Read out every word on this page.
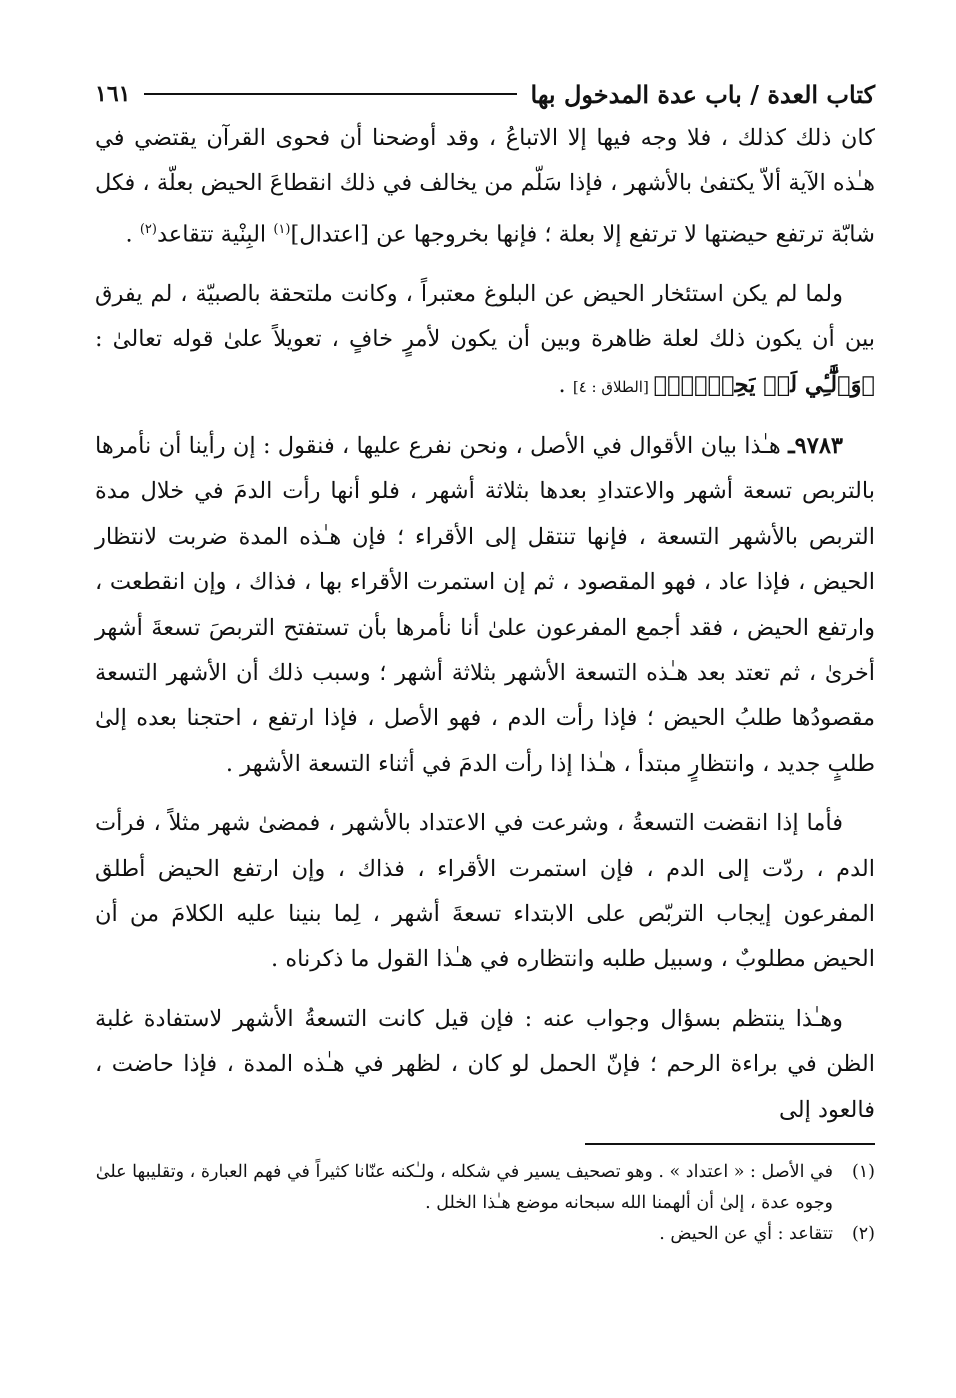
كتاب العدة / باب عدة المدخول بها
١٦١

كان ذلك كذلك ، فلا وجه فيها إلا الاتباعُ ، وقد أوضحنا أن فحوى القرآن يقتضي في هـٰذه الآية ألاّ يكتفىٰ بالأشهر ، فإذا سَلّم من يخالف في ذلك انقطاعَ الحيض بعلّة ، فكل شابّة ترتفع حيضتها لا ترتفع إلا بعلة ؛ فإنها بخروجها عن [اعتدال]$^{(١)}$ البِنْية تتقاعد$^{(٢)}$ .

ولما لم يكن استئخار الحيض عن البلوغ معتبراً ، وكانت ملتحقة بالصبيّة ، لم يفرق بين أن يكون ذلك لعلة ظاهرة وبين أن يكون لأمرٍ خافٍ ، تعويلاً علىٰ قوله تعالىٰ : ﴿وَٱلَّٰٓـِٔي لَمۡ يَحِضۡنَۚ﴾ [الطلاق : ٤] .

٩٧٨٣ـ هـٰذا بيان الأقوال في الأصل ، ونحن نفرع عليها ، فنقول : إن رأينا أن نأمرها بالتربص تسعة أشهر والاعتدادِ بعدها بثلاثة أشهر ، فلو أنها رأت الدمَ في خلال مدة التربص بالأشهر التسعة ، فإنها تنتقل إلى الأقراء ؛ فإن هـٰذه المدة ضربت لانتظار الحيض ، فإذا عاد ، فهو المقصود ، ثم إن استمرت الأقراء بها ، فذاك ، وإن انقطعت ، وارتفع الحيض ، فقد أجمع المفرعون علىٰ أنا نأمرها بأن تستفتح التربصَ تسعةَ أشهر أخرىٰ ، ثم تعتد بعد هـٰذه التسعة الأشهر بثلاثة أشهر ؛ وسبب ذلك أن الأشهر التسعة مقصودُها طلبُ الحيض ؛ فإذا رأت الدم ، فهو الأصل ، فإذا ارتفع ، احتجنا بعده إلىٰ طلبٍ جديد ، وانتظارٍ مبتدأ ، هـٰذا إذا رأت الدمَ في أثناء التسعة الأشهر .

فأما إذا انقضت التسعةُ ، وشرعت في الاعتداد بالأشهر ، فمضىٰ شهر مثلاً ، فرأت الدم ، ردّت إلى الدم ، فإن استمرت الأقراء ، فذاك ، وإن ارتفع الحيض أطلق المفرعون إيجاب التربّص على الابتداء تسعةَ أشهر ، لِما بنينا عليه الكلامَ من أن الحيض مطلوبٌ ، وسبيل طلبه وانتظاره في هـٰذا القول ما ذكرناه .

وهـٰذا ينتظم بسؤال وجواب عنه : فإن قيل كانت التسعةُ الأشهر لاستفادة غلبة الظن في براءة الرحم ؛ فإنّ الحمل لو كان ، لظهر في هـٰذه المدة ، فإذا حاضت ، فالعود إلى

(١)
في الأصل : « اعتداد » . وهو تصحيف يسير في شكله ، ولـٰكنه عنّانا كثيراً في فهم العبارة ، وتقليبها علىٰ وجوه عدة ، إلىٰ أن ألهمنا الله سبحانه موضع هـٰذا الخلل .
(٢)
تتقاعد : أي عن الحيض .
